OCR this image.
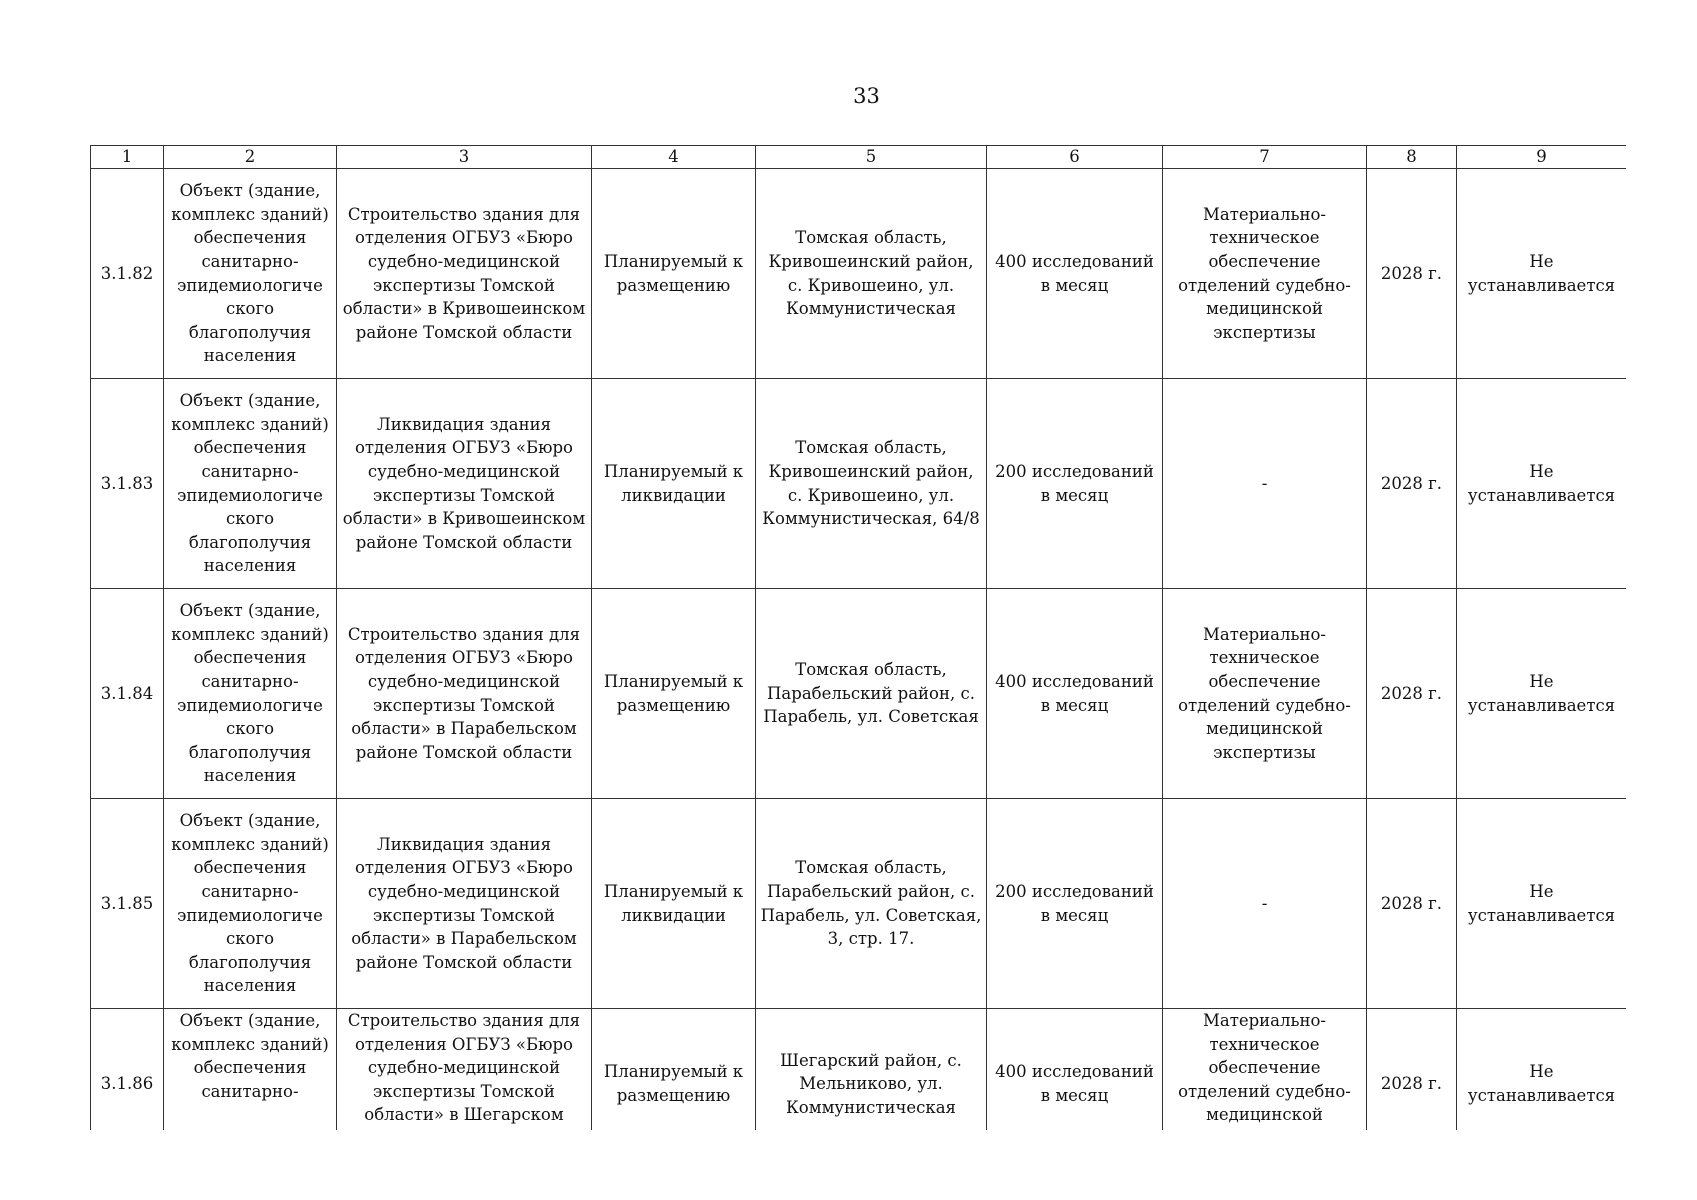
33
1	2	3	4	5	6	7	8	9
3.1.82	Объект (здание, комплекс зданий) обеспечения санитарно-эпидемиологиче ского благополучия населения	Строительство здания для отделения ОГБУЗ «Бюро судебно-медицинской экспертизы Томской области» в Кривошеинском районе Томской области	Планируемый к размещению	Томская область, Кривошеинский район, с. Кривошеино, ул. Коммунистическая	400 исследований в месяц	Материально-техническое обеспечение отделений судебно-медицинской экспертизы	2028 г.	Не устанавливается
3.1.83	Объект (здание, комплекс зданий) обеспечения санитарно-эпидемиологиче ского благополучия населения	Ликвидация здания отделения ОГБУЗ «Бюро судебно-медицинской экспертизы Томской области» в Кривошеинском районе Томской области	Планируемый к ликвидации	Томская область, Кривошеинский район, с. Кривошеино, ул. Коммунистическая, 64/8	200 исследований в месяц	-	2028 г.	Не устанавливается
3.1.84	Объект (здание, комплекс зданий) обеспечения санитарно-эпидемиологиче ского благополучия населения	Строительство здания для отделения ОГБУЗ «Бюро судебно-медицинской экспертизы Томской области» в Парабельском районе Томской области	Планируемый к размещению	Томская область, Парабельский район, с. Парабель, ул. Советская	400 исследований в месяц	Материально-техническое обеспечение отделений судебно-медицинской экспертизы	2028 г.	Не устанавливается
3.1.85	Объект (здание, комплекс зданий) обеспечения санитарно-эпидемиологиче ского благополучия населения	Ликвидация здания отделения ОГБУЗ «Бюро судебно-медицинской экспертизы Томской области» в Парабельском районе Томской области	Планируемый к ликвидации	Томская область, Парабельский район, с. Парабель, ул. Советская, 3, стр. 17.	200 исследований в месяц	-	2028 г.	Не устанавливается
3.1.86	Объект (здание, комплекс зданий) обеспечения санитарно-	Строительство здания для отделения ОГБУЗ «Бюро судебно-медицинской экспертизы Томской области» в Шегарском	Планируемый к размещению	Шегарский район, с. Мельниково, ул. Коммунистическая	400 исследований в месяц	Материально-техническое обеспечение отделений судебно-медицинской	2028 г.	Не устанавливается
